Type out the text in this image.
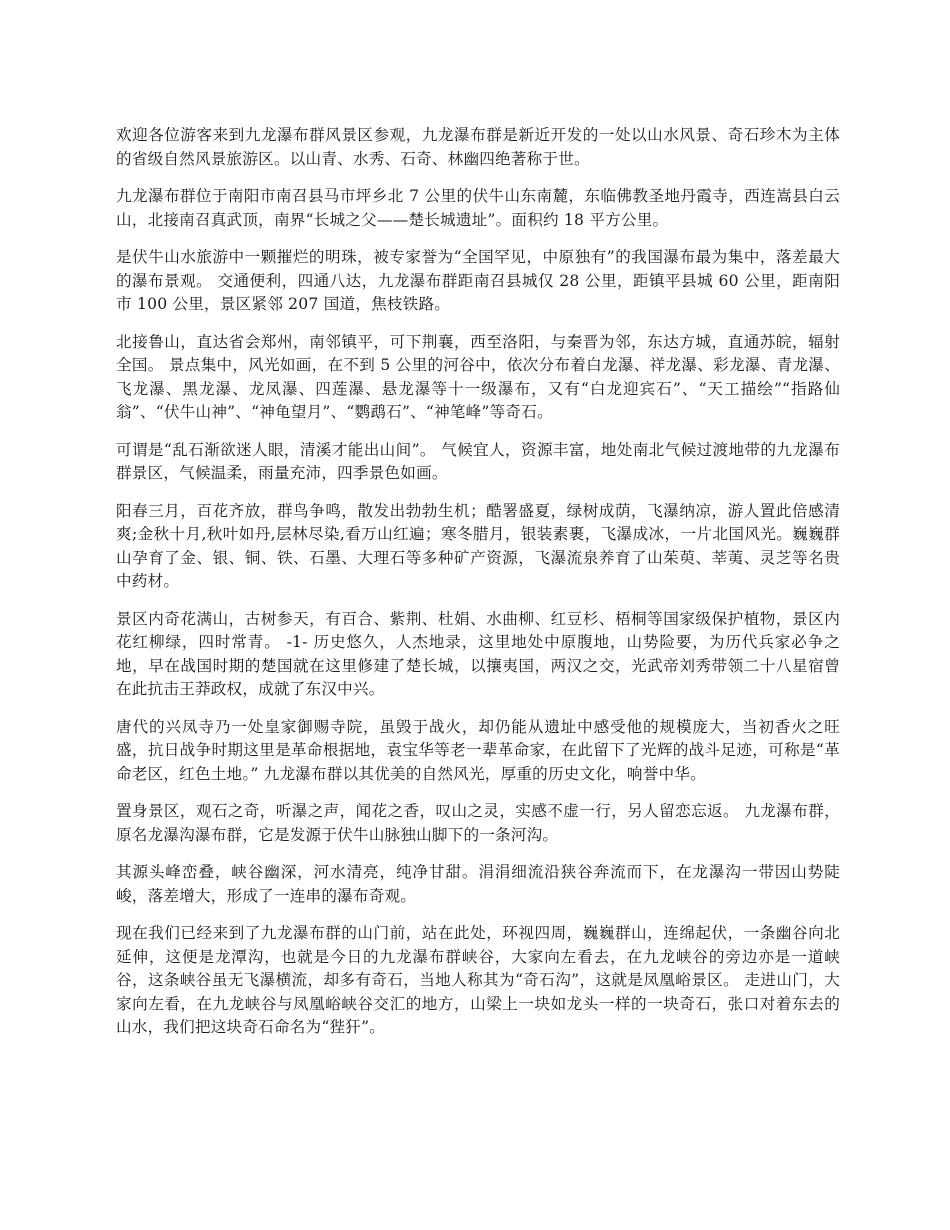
欢迎各位游客来到九龙瀑布群风景区参观，九龙瀑布群是新近开发的一处以山水风景、奇石珍木为主体的省级自然风景旅游区。以山青、水秀、石奇、林幽四绝著称于世。

九龙瀑布群位于南阳市南召县马市坪乡北 7 公里的伏牛山东南麓，东临佛教圣地丹霞寺，西连嵩县白云山，北接南召真武顶，南界“长城之父——楚长城遗址”。面积约 18 平方公里。

是伏牛山水旅游中一颗摧烂的明珠，被专家誉为“全国罕见，中原独有”的我国瀑布最为集中，落差最大的瀑布景观。 交通便利，四通八达，九龙瀑布群距南召县城仅 28 公里，距镇平县城 60 公里，距南阳市 100 公里，景区紧邻 207 国道，焦枝铁路。

北接鲁山，直达省会郑州，南邻镇平，可下荆襄，西至洛阳，与秦晋为邻，东达方城，直通苏皖，辐射全国。 景点集中，风光如画，在不到 5 公里的河谷中，依次分布着白龙瀑、祥龙瀑、彩龙瀑、青龙瀑、飞龙瀑、黑龙瀑、龙凤瀑、四莲瀑、悬龙瀑等十一级瀑布，又有“白龙迎宾石”、“天工描绘”“指路仙翁”、“伏牛山神”、“神龟望月”、“鹦鹉石”、“神笔峰”等奇石。

可谓是“乱石渐欲迷人眼，清溪才能出山间”。 气候宜人，资源丰富，地处南北气候过渡地带的九龙瀑布群景区，气候温柔，雨量充沛，四季景色如画。

阳春三月，百花齐放，群鸟争鸣，散发出勃勃生机；酷署盛夏，绿树成荫，飞瀑纳凉，游人置此倍感清爽;金秋十月,秋叶如丹,层林尽染,看万山红遍；寒冬腊月，银装素裹，飞瀑成冰，一片北国风光。巍巍群山孕育了金、银、铜、铁、石墨、大理石等多种矿产资源，飞瀑流泉养育了山茱萸、莘荑、灵芝等名贵中药材。

景区内奇花满山，古树参天，有百合、紫荆、杜娟、水曲柳、红豆杉、梧桐等国家级保护植物，景区内花红柳绿，四时常青。 -1- 历史悠久，人杰地录，这里地处中原腹地，山势险要，为历代兵家必争之地，早在战国时期的楚国就在这里修建了楚长城，以攘夷国，两汉之交，光武帝刘秀带领二十八星宿曾在此抗击王莽政权，成就了东汉中兴。

唐代的兴凤寺乃一处皇家御赐寺院，虽毁于战火，却仍能从遗址中感受他的规模庞大，当初香火之旺盛，抗日战争时期这里是革命根据地，袁宝华等老一辈革命家，在此留下了光辉的战斗足迹，可称是“革命老区，红色土地。” 九龙瀑布群以其优美的自然风光，厚重的历史文化，响誉中华。

置身景区，观石之奇，听瀑之声，闻花之香，叹山之灵，实感不虚一行，另人留恋忘返。 九龙瀑布群，原名龙瀑沟瀑布群，它是发源于伏牛山脉独山脚下的一条河沟。

其源头峰峦叠，峡谷幽深，河水清亮，纯净甘甜。涓涓细流沿狭谷奔流而下，在龙瀑沟一带因山势陡峻，落差增大，形成了一连串的瀑布奇观。

现在我们已经来到了九龙瀑布群的山门前，站在此处，环视四周，巍巍群山，连绵起伏，一条幽谷向北延伸，这便是龙潭沟，也就是今日的九龙瀑布群峡谷，大家向左看去，在九龙峡谷的旁边亦是一道峡谷，这条峡谷虽无飞瀑横流，却多有奇石，当地人称其为“奇石沟”，这就是凤凰峪景区。 走进山门，大家向左看，在九龙峡谷与凤凰峪峡谷交汇的地方，山梁上一块如龙头一样的一块奇石，张口对着东去的山水，我们把这块奇石命名为“狴犴”。
